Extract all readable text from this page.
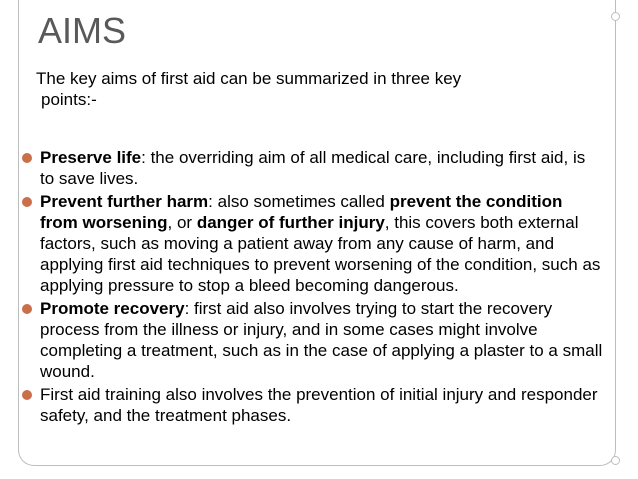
AIMS

The key aims of first aid can be summarized in three key
points:-

Preserve life: the overriding aim of all medical care, including first aid, is to save lives.
Prevent further harm: also sometimes called prevent the condition from worsening, or danger of further injury, this covers both external factors, such as moving a patient away from any cause of harm, and applying first aid techniques to prevent worsening of the condition, such as applying pressure to stop a bleed becoming dangerous.
Promote recovery: first aid also involves trying to start the recovery process from the illness or injury, and in some cases might involve completing a treatment, such as in the case of applying a plaster to a small wound.
First aid training also involves the prevention of initial injury and responder safety, and the treatment phases.
